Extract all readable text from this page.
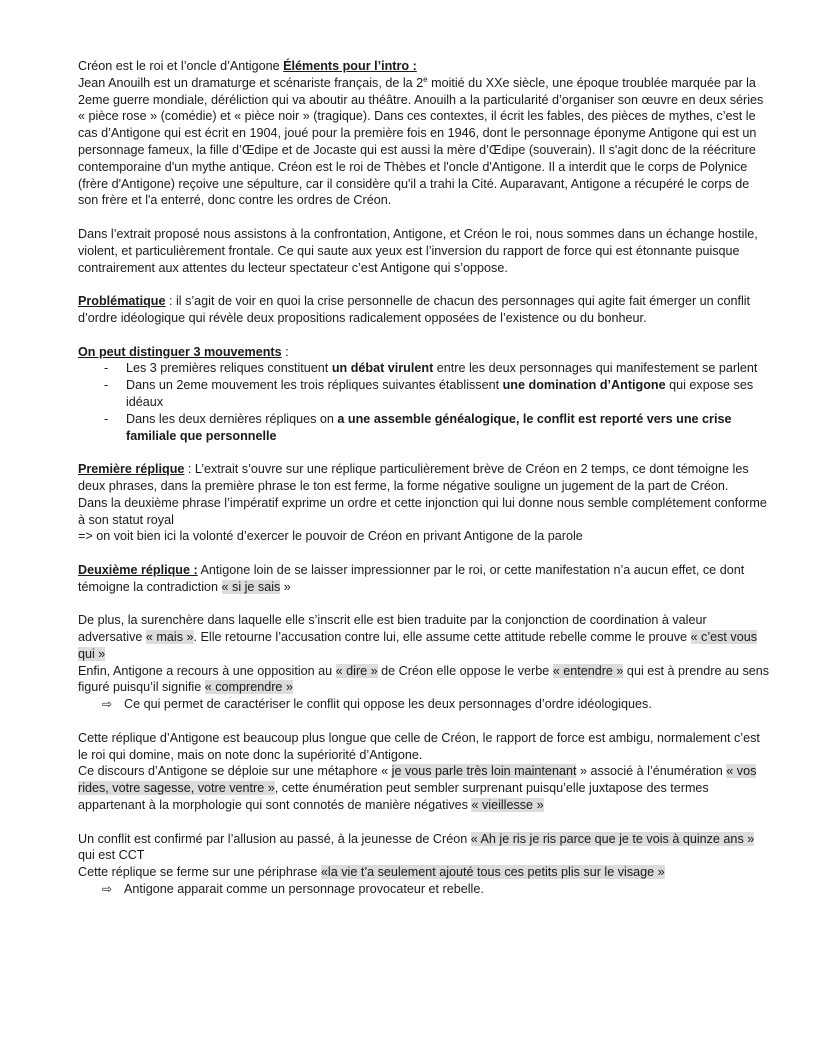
Créon est le roi et l’oncle d’Antigone Éléments pour l’intro :
Jean Anouilh est un dramaturge et scénariste français, de la 2e moitié du XXe siècle, une époque troublée marquée par la 2eme guerre mondiale, déréliction qui va aboutir au théâtre. Anouilh a la particularité d’organiser son œuvre en deux séries « pièce rose » (comédie) et « pièce noir » (tragique). Dans ces contextes, il écrit les fables, des pièces de mythes, c’est le cas d’Antigone qui est écrit en 1904, joué pour la première fois en 1946, dont le personnage éponyme Antigone qui est un personnage fameux, la fille d’Œdipe et de Jocaste qui est aussi la mère d’Œdipe (souverain). Il s'agit donc de la réécriture contemporaine d'un mythe antique. Créon est le roi de Thèbes et l'oncle d'Antigone. Il a interdit que le corps de Polynice (frère d'Antigone) reçoive une sépulture, car il considère qu'il a trahi la Cité. Auparavant, Antigone a récupéré le corps de son frère et l'a enterré, donc contre les ordres de Créon.

Dans l’extrait proposé nous assistons à la confrontation, Antigone, et Créon le roi, nous sommes dans un échange hostile, violent, et particulièrement frontale. Ce qui saute aux yeux est l’inversion du rapport de force qui est étonnante puisque contrairement aux attentes du lecteur spectateur c’est Antigone qui s’oppose.

Problématique : il s’agit de voir en quoi la crise personnelle de chacun des personnages qui agite fait émerger un conflit d’ordre idéologique qui révèle deux propositions radicalement opposées de l’existence ou du bonheur.

On peut distinguer 3 mouvements :

- Les 3 premières reliques constituent un débat virulent entre les deux personnages qui manifestement se parlent
- Dans un 2eme mouvement les trois répliques suivantes établissent une domination d’Antigone qui expose ses idéaux
- Dans les deux dernières répliques on a une assemble généalogique, le conflit est reporté vers une crise familiale que personnelle

Première réplique : L’extrait s’ouvre sur une réplique particulièrement brève de Créon en 2 temps, ce dont témoigne les deux phrases, dans la première phrase le ton est ferme, la forme négative souligne un jugement de la part de Créon.
Dans la deuxième phrase l’impératif exprime un ordre et cette injonction qui lui donne nous semble complétement conforme à son statut royal
=> on voit bien ici la volonté d’exercer le pouvoir de Créon en privant Antigone de la parole

Deuxième réplique : Antigone loin de se laisser impressionner par le roi, or cette manifestation n’a aucun effet, ce dont témoigne la contradiction « si je sais »

De plus, la surenchère dans laquelle elle s’inscrit elle est bien traduite par la conjonction de coordination à valeur adversative « mais ». Elle retourne l’accusation contre lui, elle assume cette attitude rebelle comme le prouve « c’est vous qui »
Enfin, Antigone a recours à une opposition au « dire » de Créon elle oppose le verbe « entendre » qui est à prendre au sens figuré puisqu’il signifie « comprendre »

⇨ Ce qui permet de caractériser le conflit qui oppose les deux personnages d’ordre idéologiques.

Cette réplique d’Antigone est beaucoup plus longue que celle de Créon, le rapport de force est ambigu, normalement c’est le roi qui domine, mais on note donc la supériorité d’Antigone.
Ce discours d’Antigone se déploie sur une métaphore « je vous parle très loin maintenant » associé à l’énumération « vos rides, votre sagesse, votre ventre », cette énumération peut sembler surprenant puisqu’elle juxtapose des termes appartenant à la morphologie qui sont connotés de manière négatives « vieillesse »

Un conflit est confirmé par l’allusion au passé, à la jeunesse de Créon « Ah je ris je ris parce que je te vois à quinze ans » qui est CCT
Cette réplique se ferme sur une périphrase «la vie t’a seulement ajouté tous ces petits plis sur le visage »

⇨ Antigone apparait comme un personnage provocateur et rebelle.
